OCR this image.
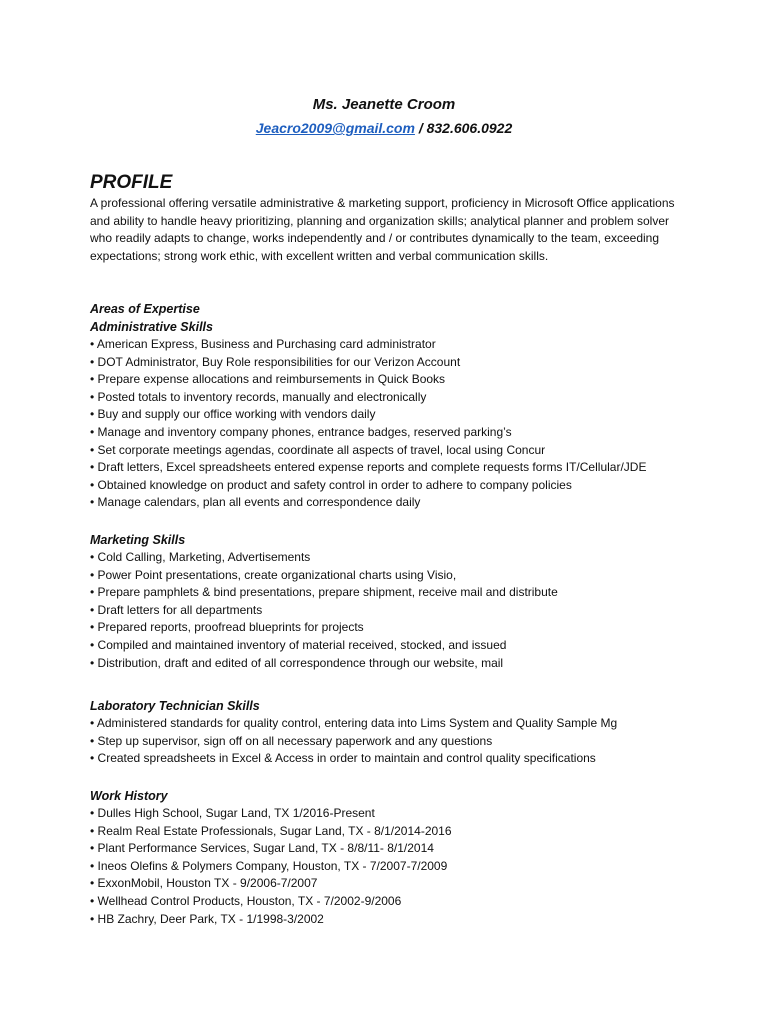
Ms. Jeanette Croom
Jeacro2009@gmail.com / 832.606.0922
PROFILE
A professional offering versatile administrative & marketing support, proficiency in Microsoft Office applications and ability to handle heavy prioritizing, planning and organization skills; analytical planner and problem solver who readily adapts to change, works independently and / or contributes dynamically to the team, exceeding expectations; strong work ethic, with excellent written and verbal communication skills.
Areas of Expertise
Administrative Skills
• American Express, Business and Purchasing card administrator
• DOT Administrator, Buy Role responsibilities for our Verizon Account
• Prepare expense allocations and reimbursements in Quick Books
• Posted totals to inventory records, manually and electronically
• Buy and supply our office working with vendors daily
• Manage and inventory company phones, entrance badges, reserved parking’s
• Set corporate meetings agendas, coordinate all aspects of travel, local using Concur
• Draft letters, Excel spreadsheets entered expense reports and complete requests forms IT/Cellular/JDE
• Obtained knowledge on product and safety control in order to adhere to company policies
• Manage calendars, plan all events and correspondence daily
Marketing Skills
• Cold Calling, Marketing, Advertisements
• Power Point presentations, create organizational charts using Visio,
• Prepare pamphlets & bind presentations, prepare shipment, receive mail and distribute
• Draft letters for all departments
• Prepared reports, proofread blueprints for projects
• Compiled and maintained inventory of material received, stocked, and issued
• Distribution, draft and edited of all correspondence through our website, mail
Laboratory Technician Skills
• Administered standards for quality control, entering data into Lims System and Quality Sample Mg
• Step up supervisor, sign off on all necessary paperwork and any questions
• Created spreadsheets in Excel & Access in order to maintain and control quality specifications
Work History
• Dulles High School, Sugar Land, TX 1/2016-Present
• Realm Real Estate Professionals, Sugar Land, TX - 8/1/2014-2016
• Plant Performance Services, Sugar Land, TX - 8/8/11- 8/1/2014
• Ineos Olefins & Polymers Company, Houston, TX - 7/2007-7/2009
• ExxonMobil, Houston TX - 9/2006-7/2007
• Wellhead Control Products, Houston, TX - 7/2002-9/2006
• HB Zachry, Deer Park, TX - 1/1998-3/2002
